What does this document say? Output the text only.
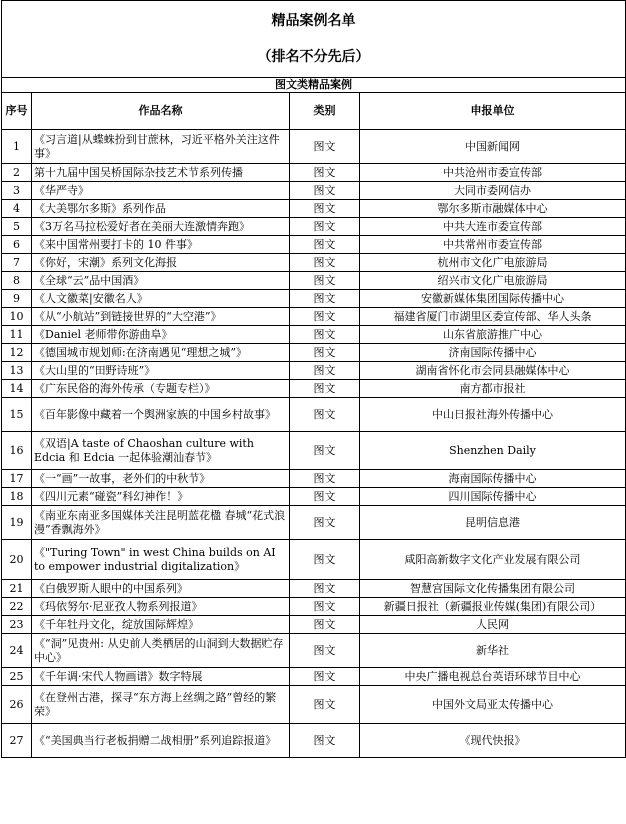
精品案例名单
（排名不分先后）			

图文类精品案例			
序号	作品名称	类别	申报单位
1	《习言道|从蝶蛛扮到甘蔗林，习近平格外关注这件事》	图文	中国新闻网
2	第十九届中国吴桥国际杂技艺术节系列传播	图文	中共沧州市委宣传部
3	《华严寺》	图文	大同市委网信办
4	《大美鄂尔多斯》系列作品	图文	鄂尔多斯市融媒体中心
5	《3万名马拉松爱好者在美丽大连激情奔跑》	图文	中共大连市委宣传部
6	《来中国常州要打卡的 10 件事》	图文	中共常州市委宣传部
7	《你好，宋潮》系列文化海报	图文	杭州市文化广电旅游局
8	《全球“云”品中国酒》	图文	绍兴市文化广电旅游局
9	《人文徽菜|安徽名人》	图文	安徽新媒体集团国际传播中心
10	《从“小航站”到链接世界的“大空港”》	图文	福建省厦门市湖里区委宣传部、华人头条
11	《Daniel 老师带你游曲阜》	图文	山东省旅游推广中心
12	《德国城市规划师:在济南遇见“理想之城”》	图文	济南国际传播中心
13	《大山里的“田野诗班”》	图文	湖南省怀化市会同县融媒体中心
14	《广东民俗的海外传承（专题专栏）》	图文	南方都市报社
15	《百年影像中藏着一个舆洲家族的中国乡村故事》	图文	中山日报社海外传播中心
16	《双语|A taste of Chaoshan culture with Edcia 和 Edcia 一起体验潮汕春节》	图文	Shenzhen Daily
17	《一“画”一故事，老外们的中秋节》	图文	海南国际传播中心
18	《四川元素“碰瓷”科幻神作！》	图文	四川国际传播中心
19	《南亚东南亚多国媒体关注昆明蓝花楹 春城“花式浪漫”香飘海外》	图文	昆明信息港
20	《"Turing Town" in west China builds on AI to empower industrial digitalization》	图文	咸阳高新数字文化产业发展有限公司
21	《白俄罗斯人眼中的中国系列》	图文	智慧宫国际文化传播集团有限公司
22	《玛依努尔·尼亚孜人物系列报道》	图文	新疆日报社（新疆报业传媒(集团)有限公司）
23	《千年牡丹文化，绽放国际辉煌》	图文	人民网
24	《“洞”见贵州: 从史前人类栖居的山洞到大数据贮存中心》	图文	新华社
25	《千年调·宋代人物画谱》数字特展	图文	中央广播电视总台英语环球节目中心
26	《在登州古港，探寻“东方海上丝绸之路”曾经的繁荣》	图文	中国外文局亚太传播中心
27	《“美国典当行老板捐赠二战相册”系列追踪报道》	图文	《现代快报》
